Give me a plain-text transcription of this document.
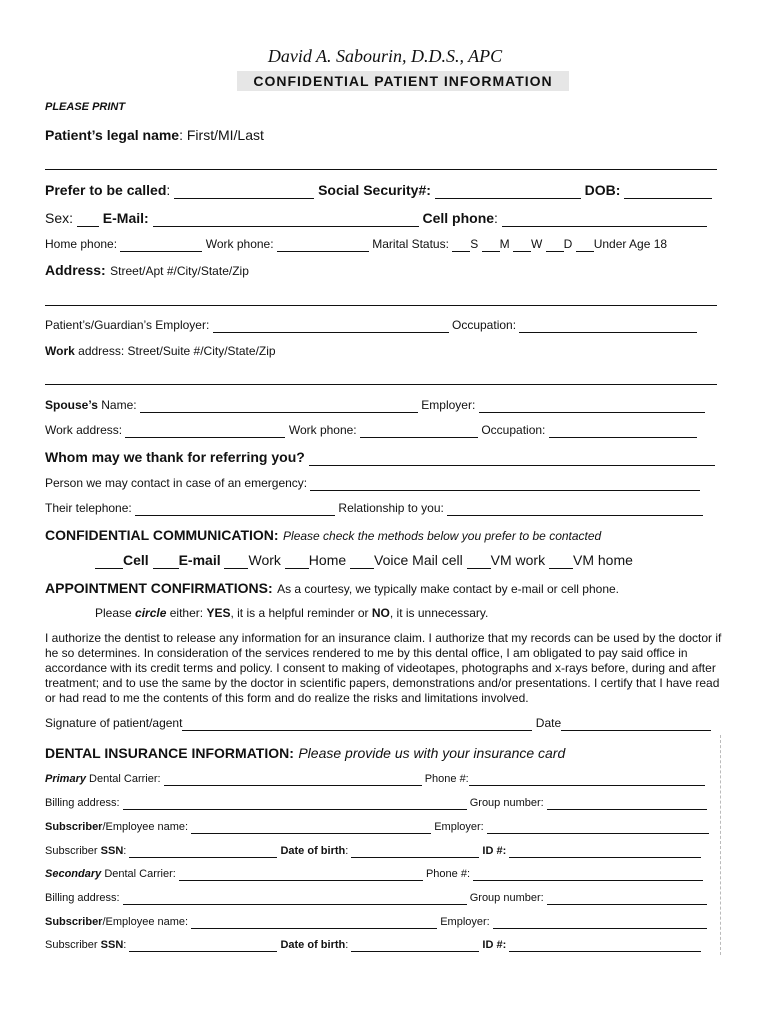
David A. Sabourin, D.D.S., APC
CONFIDENTIAL PATIENT INFORMATION
PLEASE PRINT
Patient’s legal name: First/MI/Last
Prefer to be called:	Social Security#:	DOB:
Sex: E-Mail:	Cell phone:
Home phone:	Work phone:	Marital Status: S M W D Under Age 18
Address: Street/Apt #/City/State/Zip
Patient’s/Guardian’s Employer:	Occupation:
Work address: Street/Suite #/City/State/Zip
Spouse’s Name:	Employer:
Work address:	Work phone:	Occupation:
Whom may we thank for referring you?
Person we may contact in case of an emergency:
Their telephone:	Relationship to you:
CONFIDENTIAL COMMUNICATION: Please check the methods below you prefer to be contacted
Cell E-mail Work Home Voice Mail cell VM work VM home
APPOINTMENT CONFIRMATIONS: As a courtesy, we typically make contact by e-mail or cell phone.
Please circle either: YES, it is a helpful reminder or NO, it is unnecessary.
I authorize the dentist to release any information for an insurance claim. I authorize that my records can be used by the doctor if he so determines. In consideration of the services rendered to me by this dental office, I am obligated to pay said office in accordance with its credit terms and policy. I consent to making of videotapes, photographs and x-rays before, during and after treatment; and to use the same by the doctor in scientific papers, demonstrations and/or presentations. I certify that I have read or had read to me the contents of this form and do realize the risks and limitations involved.
Signature of patient/agent	Date
DENTAL INSURANCE INFORMATION: Please provide us with your insurance card
Primary Dental Carrier:	Phone #:
Billing address:	Group number:
Subscriber/Employee name:	Employer:
Subscriber SSN:	Date of birth:	ID #:
Secondary Dental Carrier:	Phone #:
Billing address:	Group number:
Subscriber/Employee name:	Employer:
Subscriber SSN:	Date of birth:	ID #:
